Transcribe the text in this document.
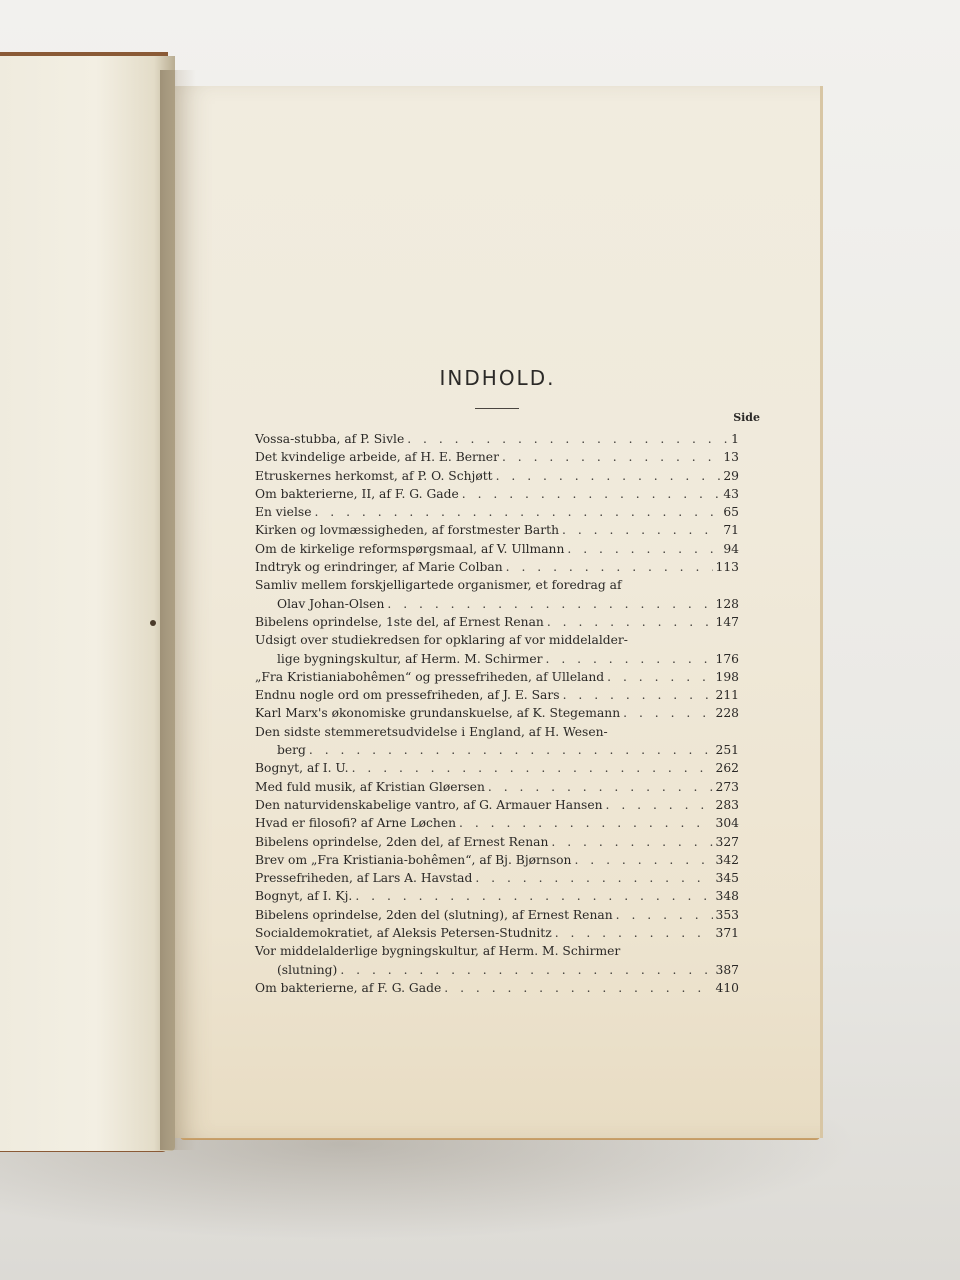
INDHOLD.
Side
Vossa-stubba, af P. Sivle . . .	1
Det kvindelige arbeide, af H. E. Berner . . .	13
Etruskernes herkomst, af P. O. Schjøtt . . .	29
Om bakterierne, II, af F. G. Gade . . .	43
En vielse . . .	65
Kirken og lovmæssigheden, af forstmester Barth . . .	71
Om de kirkelige reformspørgsmaal, af V. Ullmann . . .	94
Indtryk og erindringer, af Marie Colban . . .	113
Samliv mellem forskjelligartede organismer, et foredrag af
Olav Johan-Olsen . . .	128
Bibelens oprindelse, 1ste del, af Ernest Renan . . .	147
Udsigt over studiekredsen for opklaring af vor middelalder-
lige bygningskultur, af Herm. M. Schirmer . . .	176
„Fra Kristianiabohêmen“ og pressefriheden, af Ulleland . . .	198
Endnu nogle ord om pressefriheden, af J. E. Sars . . .	211
Karl Marx's økonomiske grundanskuelse, af K. Stegemann . . .	228
Den sidste stemmeretsudvidelse i England, af H. Wesen-
berg . . .	251
Bognyt, af I. U. . . .	262
Med fuld musik, af Kristian Gløersen . . .	273
Den naturvidenskabelige vantro, af G. Armauer Hansen . . .	283
Hvad er filosofi? af Arne Løchen . . .	304
Bibelens oprindelse, 2den del, af Ernest Renan . . .	327
Brev om „Fra Kristiania-bohêmen“, af Bj. Bjørnson . . .	342
Pressefriheden, af Lars A. Havstad . . .	345
Bognyt, af I. Kj. . . .	348
Bibelens oprindelse, 2den del (slutning), af Ernest Renan . . .	353
Socialdemokratiet, af Aleksis Petersen-Studnitz . . .	371
Vor middelalderlige bygningskultur, af Herm. M. Schirmer
(slutning) . . .	387
Om bakterierne, af F. G. Gade . . .	410
